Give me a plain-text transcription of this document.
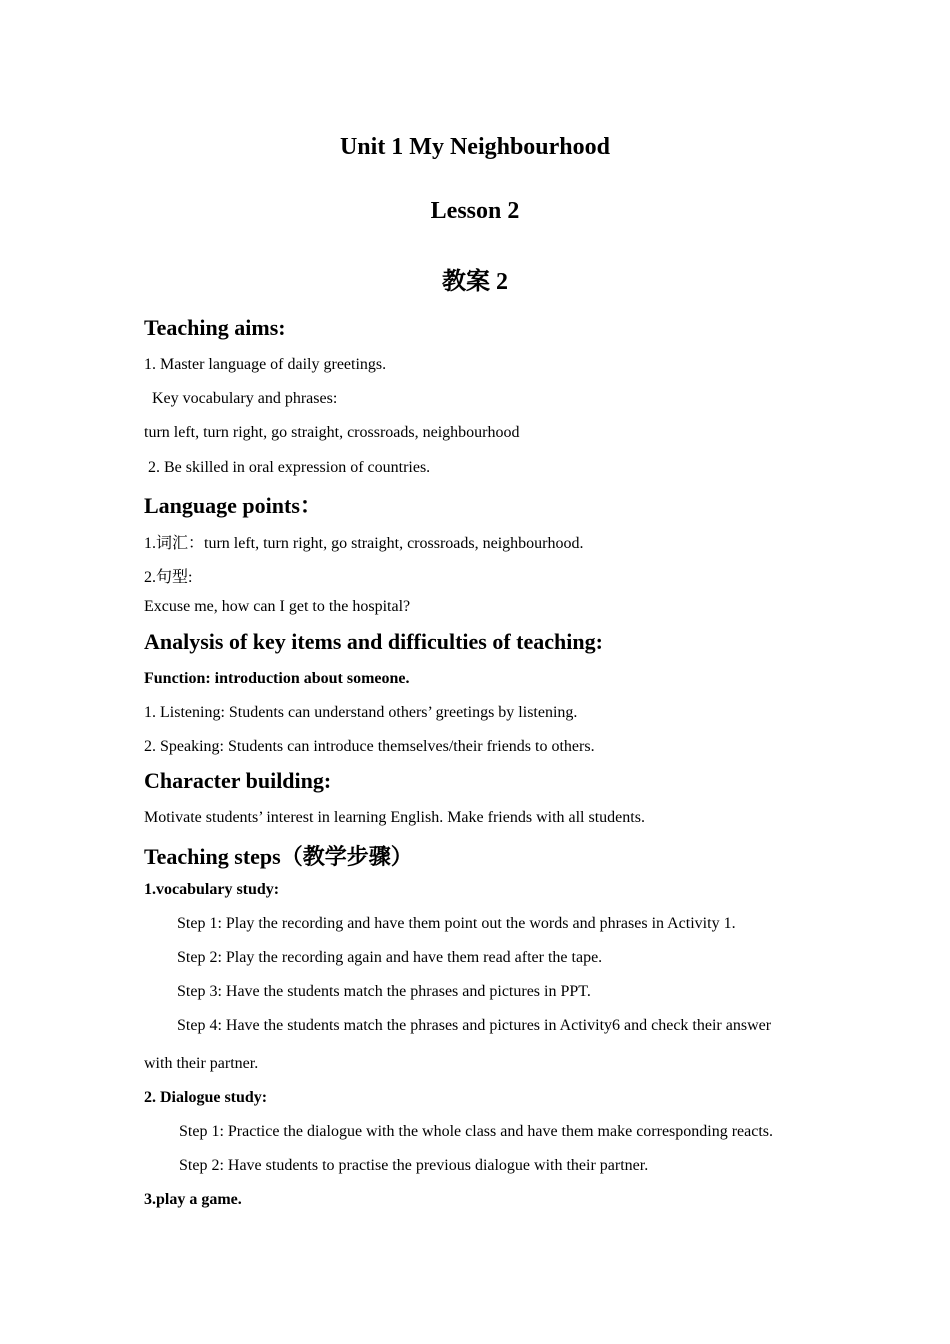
Unit 1 My Neighbourhood
Lesson 2
教案 2
Teaching aims:
1. Master language of daily greetings.
Key vocabulary and phrases:
turn left, turn right, go straight, crossroads, neighbourhood
2. Be skilled in oral expression of countries.
Language points：
1.词汇：turn left, turn right, go straight, crossroads, neighbourhood.
2.句型:
Excuse me, how can I get to the hospital?
Analysis of key items and difficulties of teaching:
Function: introduction about someone.
1. Listening: Students can understand others’ greetings by listening.
2. Speaking: Students can introduce themselves/their friends to others.
Character building:
Motivate students’ interest in learning English. Make friends with all students.
Teaching steps（教学步骤）
1.vocabulary study:
Step 1: Play the recording and have them point out the words and phrases in Activity 1.
Step 2: Play the recording again and have them read after the tape.
Step 3: Have the students match the phrases and pictures in PPT.
Step 4: Have the students match the phrases and pictures in Activity6 and check their answer
with their partner.
2. Dialogue study:
Step 1: Practice the dialogue with the whole class and have them make corresponding reacts.
Step 2: Have students to practise the previous dialogue with their partner.
3.play a game.
